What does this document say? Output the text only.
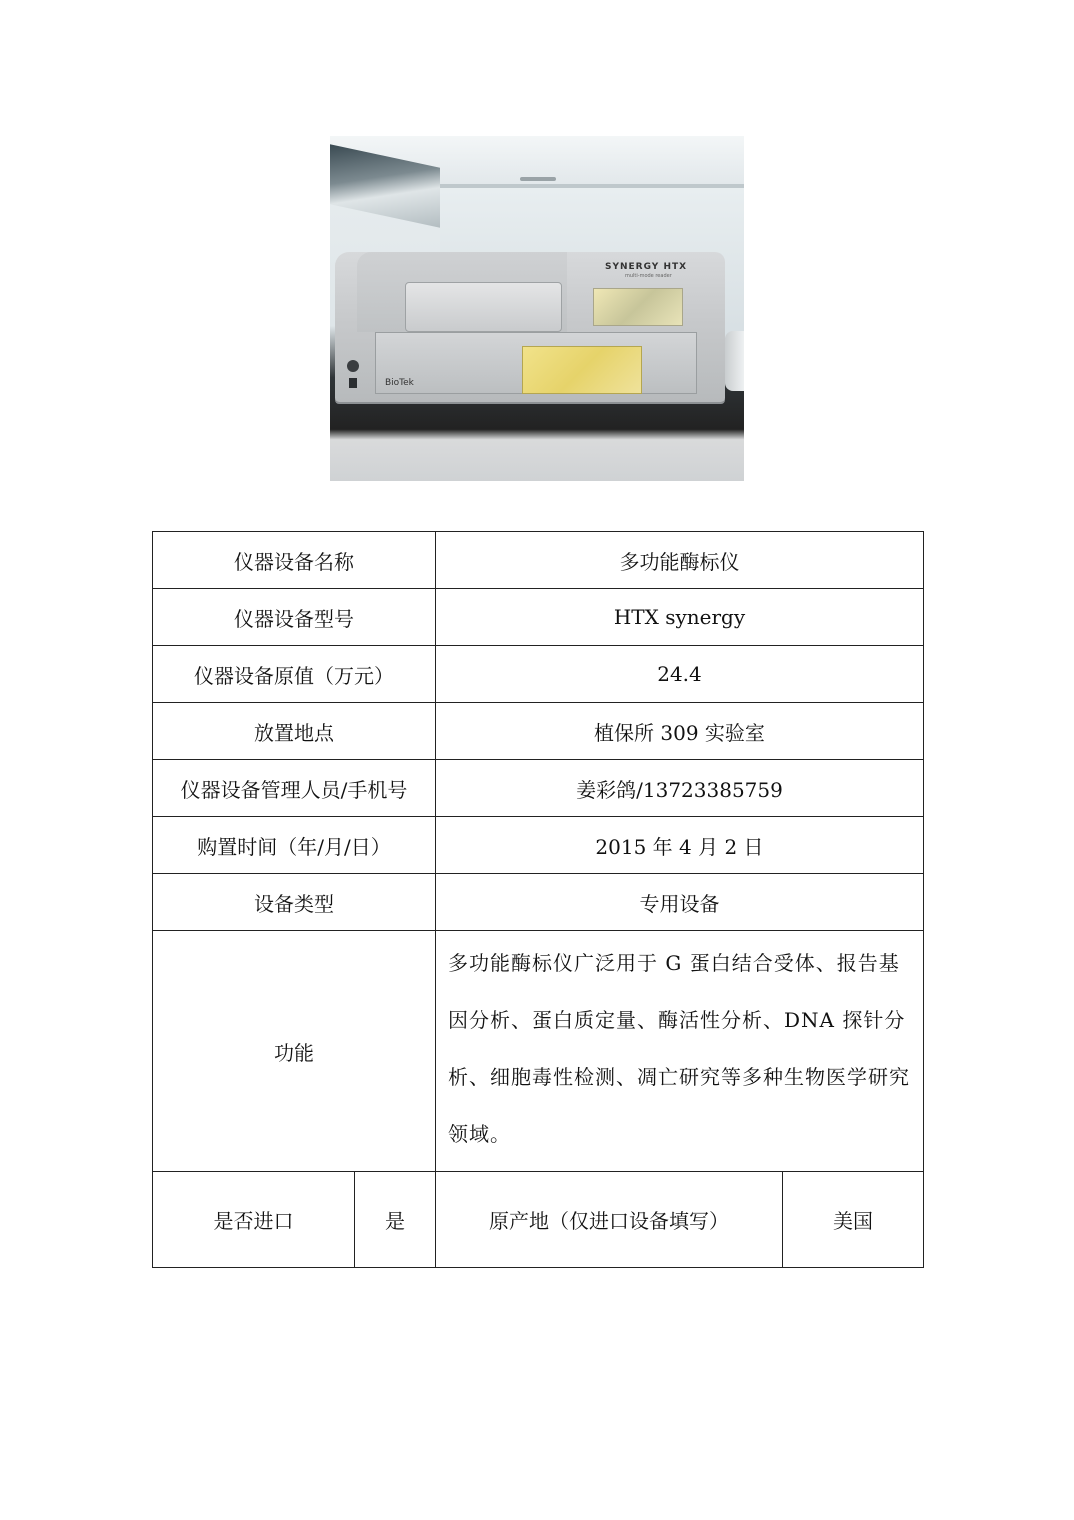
SYNERGY HTX
multi-mode reader
BioTek
仪器设备名称		多功能酶标仪	
仪器设备型号		HTX synergy	
仪器设备原值（万元）		24.4	
放置地点		植保所 309 实验室	
仪器设备管理人员/手机号		姜彩鸽/13723385759	
购置时间（年/月/日）		2015 年 4 月 2 日	
设备类型		专用设备	
功能		多功能酶标仪广泛用于 G 蛋白结合受体、报告基因分析、蛋白质定量、酶活性分析、DNA 探针分析、细胞毒性检测、凋亡研究等多种生物医学研究领域。	
是否进口	是	原产地（仅进口设备填写）	美国
